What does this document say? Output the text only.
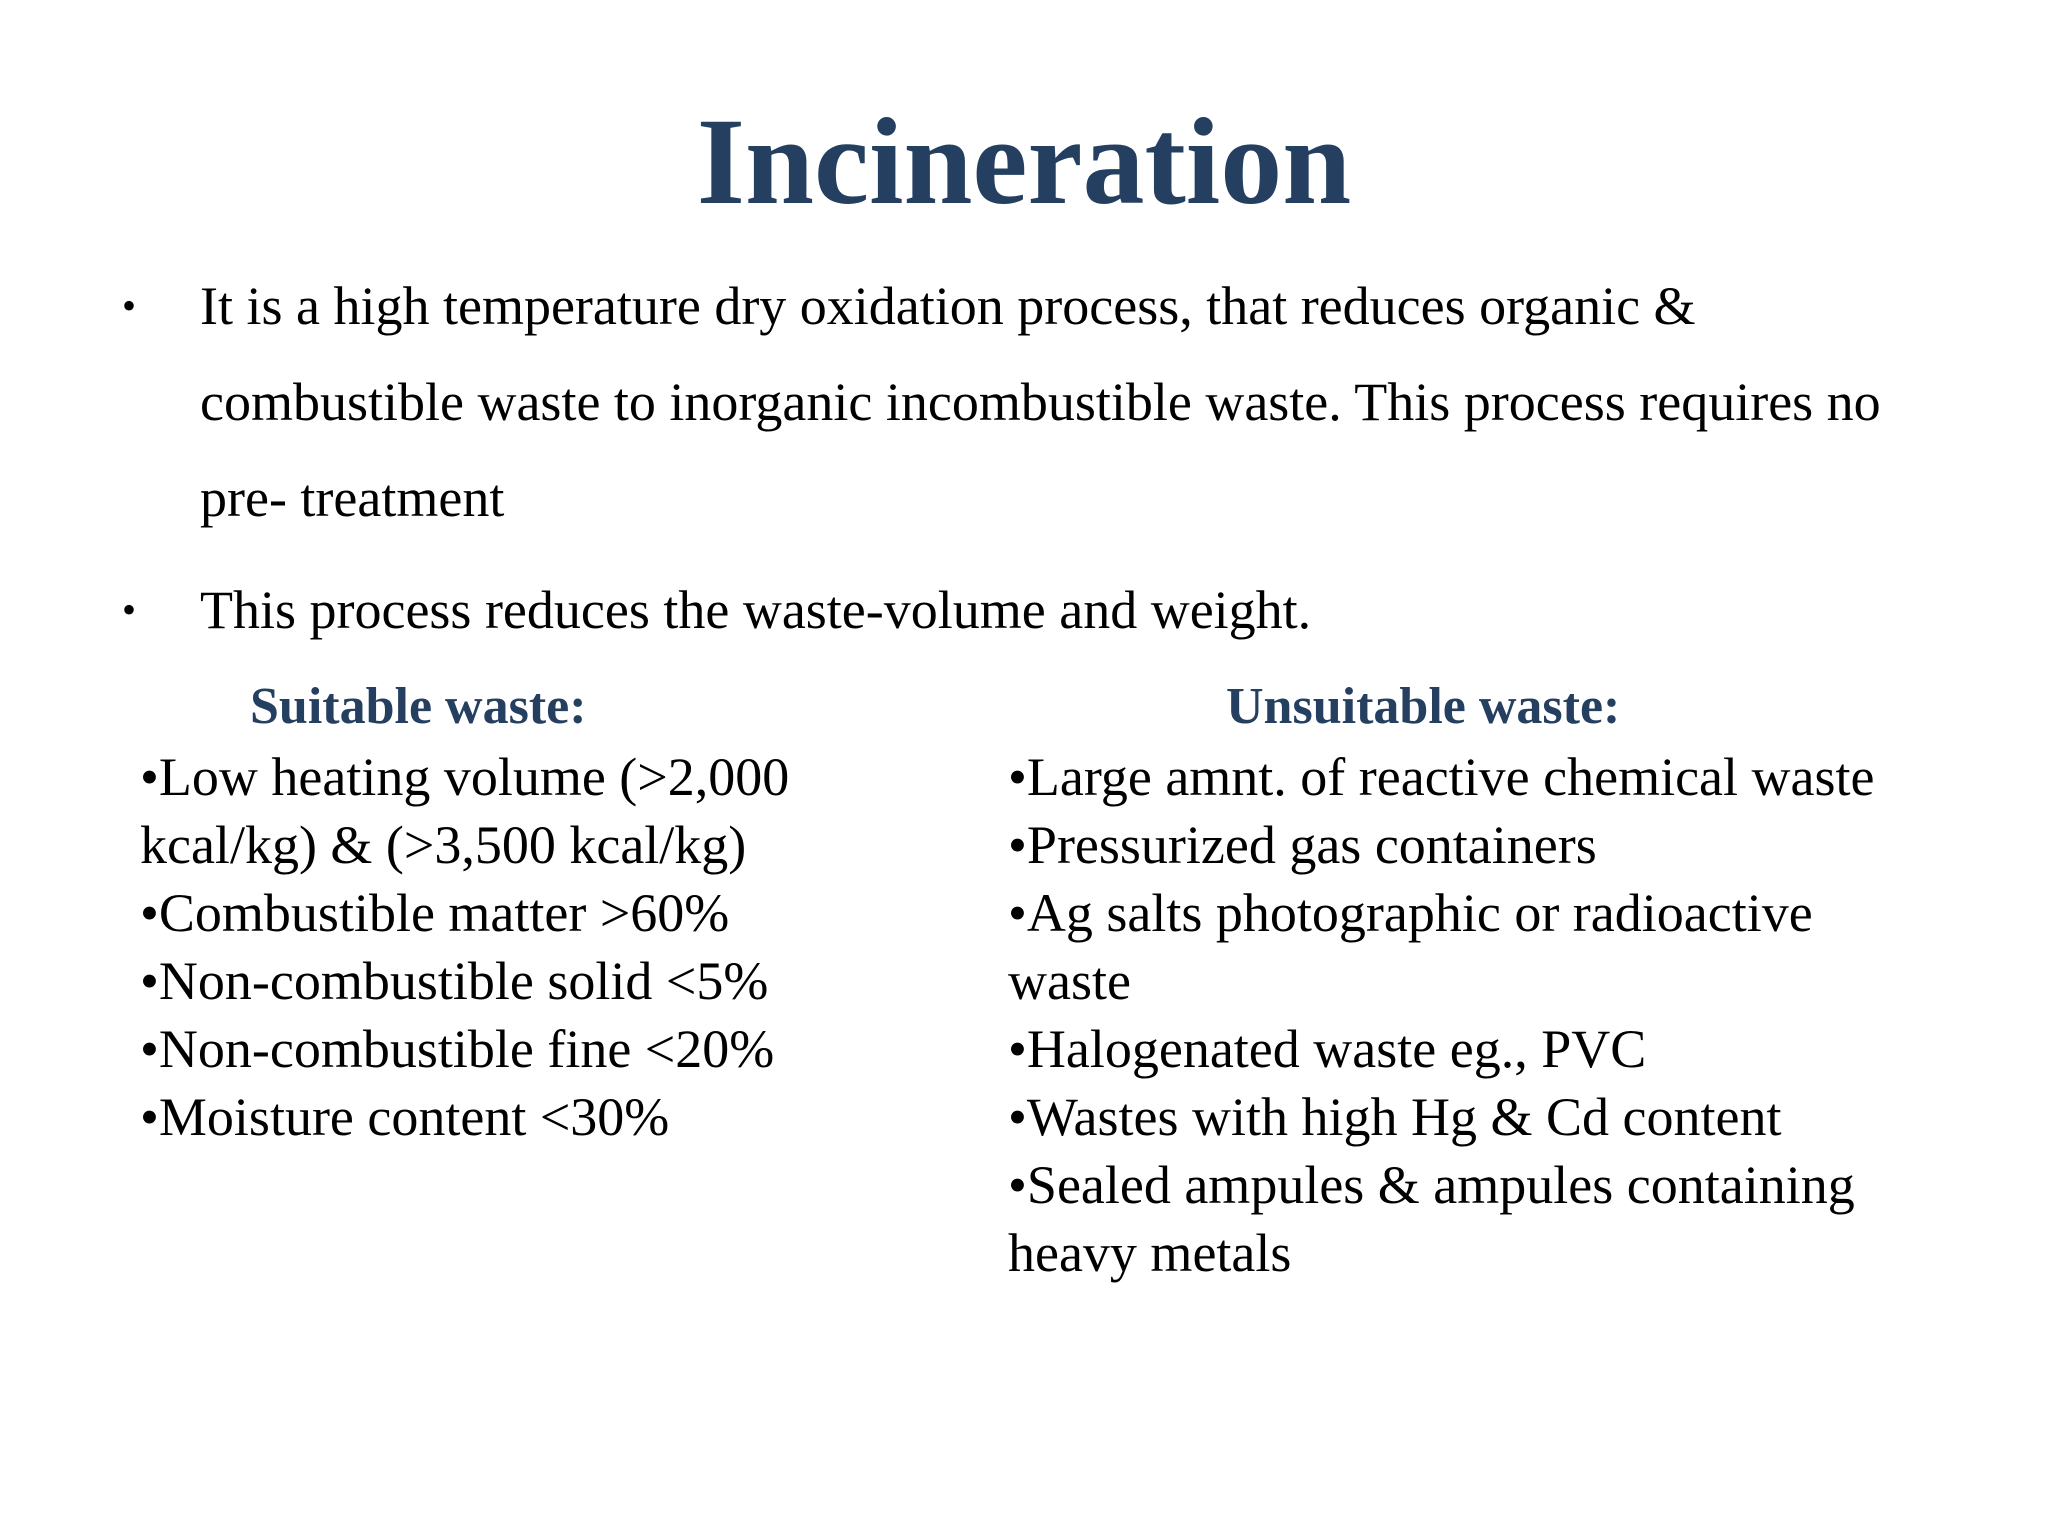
Incineration
• It is a high temperature dry oxidation process, that reduces organic & combustible waste to inorganic incombustible waste. This process requires no pre- treatment
• This process reduces the waste-volume and weight.
Suitable waste:
•Low heating volume (>2,000 kcal/kg) & (>3,500 kcal/kg)
•Combustible matter >60%
•Non-combustible solid <5%
•Non-combustible fine <20%
•Moisture content <30%
Unsuitable waste:
•Large amnt. of reactive chemical waste
•Pressurized gas containers
•Ag salts photographic or radioactive waste
•Halogenated waste eg., PVC
•Wastes with high Hg & Cd content
•Sealed ampules & ampules containing heavy metals
